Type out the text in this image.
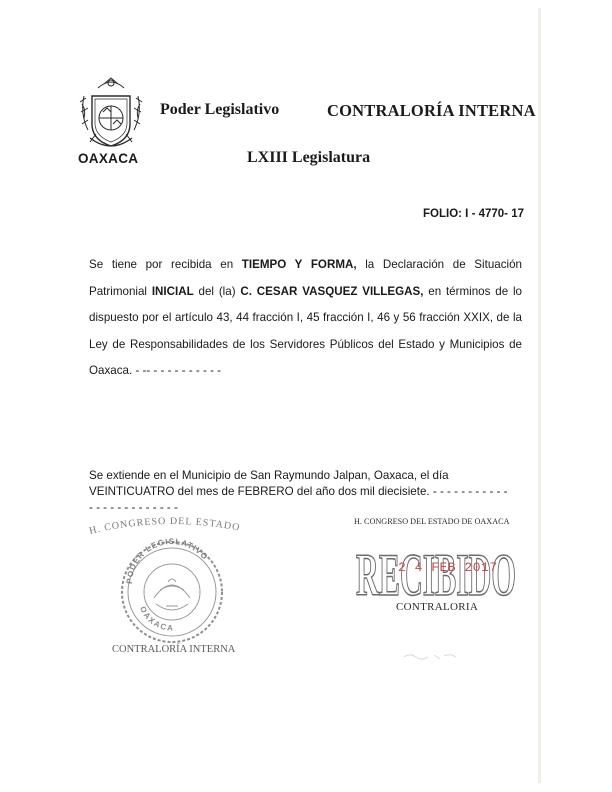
OAXACA
Poder Legislativo	CONTRALORÍA INTERNA
LXIII Legislatura
FOLIO: I - 4770- 17
Se tiene por recibida en TIEMPO Y FORMA, la Declaración de Situación Patrimonial INICIAL del (la) C. CESAR VASQUEZ VILLEGAS, en términos de lo dispuesto por el artículo 43, 44 fracción I, 45 fracción I, 46 y 56 fracción XXIX, de la Ley de Responsabilidades de los Servidores Públicos del Estado y Municipios de Oaxaca. - -- - - - - - - - - - -
Se extiende en el Municipio de San Raymundo Jalpan, Oaxaca, el día
VEINTICUATRO del mes de FEBRERO del año dos mil diecisiete. - - - - - - - - - - -
- - - - - - - - - - - - -
H. CONGRESO DEL ESTADO
PODER LEGISLATIVO
OAXACA
CONTRALORÍA INTERNA
H. CONGRESO DEL ESTADO DE OAXACA
RECIBIDO
2 4 FEB 2017
CONTRALORIA
